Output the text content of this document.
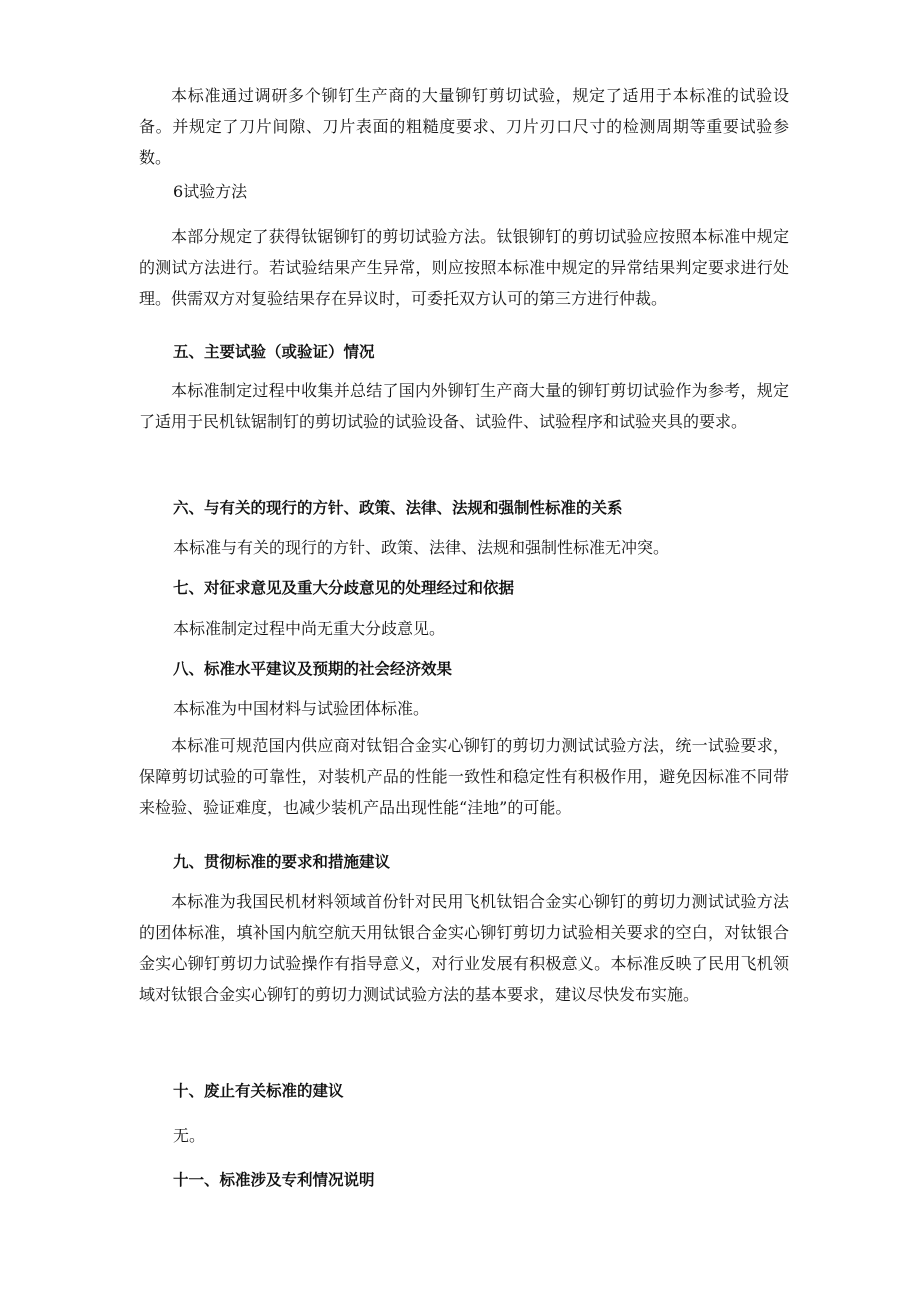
本标准通过调研多个铆钉生产商的大量铆钉剪切试验，规定了适用于本标准的试验设备。并规定了刀片间隙、刀片表面的粗糙度要求、刀片刃口尺寸的检测周期等重要试验参数。

6试验方法

本部分规定了获得钛锯铆钉的剪切试验方法。钛银铆钉的剪切试验应按照本标准中规定的测试方法进行。若试验结果产生异常，则应按照本标准中规定的异常结果判定要求进行处理。供需双方对复验结果存在异议时，可委托双方认可的第三方进行仲裁。

五、主要试验（或验证）情况

本标准制定过程中收集并总结了国内外铆钉生产商大量的铆钉剪切试验作为参考，规定了适用于民机钛锯制钉的剪切试验的试验设备、试验件、试验程序和试验夹具的要求。

六、与有关的现行的方针、政策、法律、法规和强制性标准的关系

本标准与有关的现行的方针、政策、法律、法规和强制性标准无冲突。

七、对征求意见及重大分歧意见的处理经过和依据

本标准制定过程中尚无重大分歧意见。

八、标准水平建议及预期的社会经济效果

本标准为中国材料与试验团体标准。

本标准可规范国内供应商对钛铝合金实心铆钉的剪切力测试试验方法，统一试验要求，保障剪切试验的可靠性，对装机产品的性能一致性和稳定性有积极作用，避免因标准不同带来检验、验证难度，也减少装机产品出现性能“洼地”的可能。

九、贯彻标准的要求和措施建议

本标准为我国民机材料领域首份针对民用飞机钛铝合金实心铆钉的剪切力测试试验方法的团体标准，填补国内航空航天用钛银合金实心铆钉剪切力试验相关要求的空白，对钛银合金实心铆钉剪切力试验操作有指导意义，对行业发展有积极意义。本标准反映了民用飞机领域对钛银合金实心铆钉的剪切力测试试验方法的基本要求，建议尽快发布实施。

十、废止有关标准的建议

无。

十一、标准涉及专利情况说明
